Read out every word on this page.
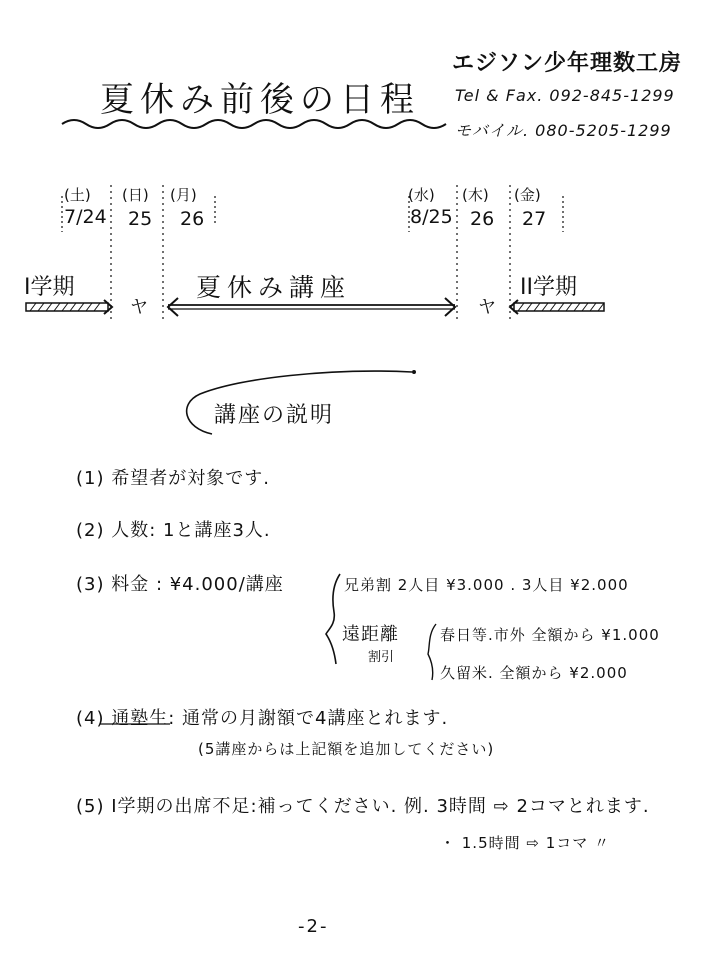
夏休み前後の日程
エジソン少年理数工房
Tel & Fax. 092-845-1299
モバイル. 080-5205-1299
(土)
7/24
(日)
25
(月)
26
(水)
8/25
(木)
26
(金)
27
I学期
ヤ
夏休み講座
ヤ
II学期
講座の説明
(1) 希望者が対象です.
(2) 人数: 1と講座3人.
(3) 料金 : ¥4.000/講座	兄弟割 2人目 ¥3.000 . 3人目 ¥2.000
遠距離
割引
春日等.市外 全額から ¥1.000
久留米. 全額から ¥2.000
(4) 通塾生: 通常の月謝額で4講座とれます.
(5講座からは上記額を追加してください)
(5) I学期の出席不足:補ってください. 例. 3時間 ⇨ 2コマとれます.
・ 1.5時間 ⇨ 1コマ 〃
-2-
